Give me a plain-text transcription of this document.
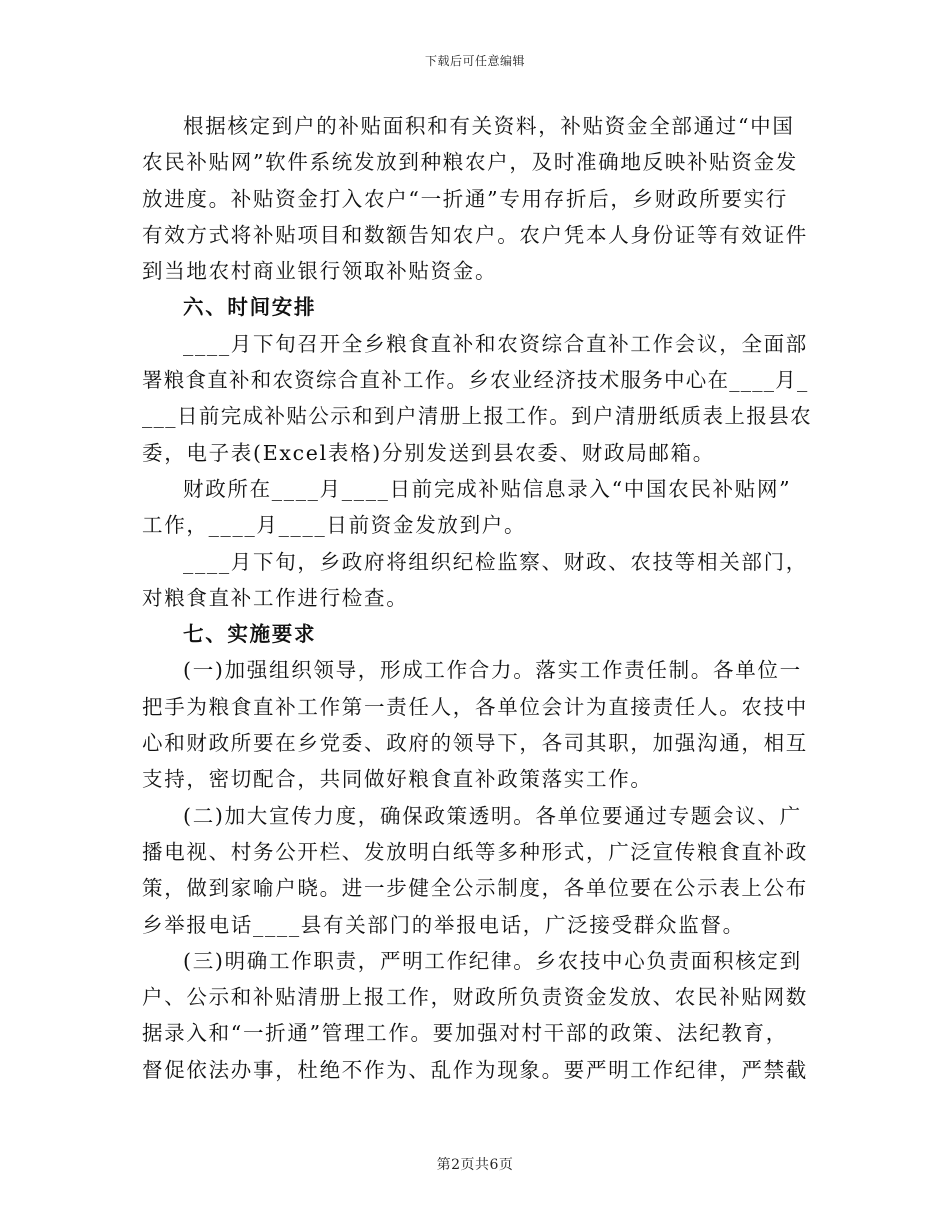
下载后可任意编辑
根据核定到户的补贴面积和有关资料，补贴资金全部通过“中国
农民补贴网”软件系统发放到种粮农户，及时准确地反映补贴资金发
放进度。补贴资金打入农户“一折通”专用存折后，乡财政所要实行
有效方式将补贴项目和数额告知农户。农户凭本人身份证等有效证件
到当地农村商业银行领取补贴资金。
六、时间安排
____月下旬召开全乡粮食直补和农资综合直补工作会议，全面部
署粮食直补和农资综合直补工作。乡农业经济技术服务中心在____月_
___日前完成补贴公示和到户清册上报工作。到户清册纸质表上报县农
委，电子表(Excel表格)分别发送到县农委、财政局邮箱。
财政所在____月____日前完成补贴信息录入“中国农民补贴网”
工作，____月____日前资金发放到户。
____月下旬，乡政府将组织纪检监察、财政、农技等相关部门，
对粮食直补工作进行检查。
七、实施要求
(一)加强组织领导，形成工作合力。落实工作责任制。各单位一
把手为粮食直补工作第一责任人，各单位会计为直接责任人。农技中
心和财政所要在乡党委、政府的领导下，各司其职，加强沟通，相互
支持，密切配合，共同做好粮食直补政策落实工作。
(二)加大宣传力度，确保政策透明。各单位要通过专题会议、广
播电视、村务公开栏、发放明白纸等多种形式，广泛宣传粮食直补政
策，做到家喻户晓。进一步健全公示制度，各单位要在公示表上公布
乡举报电话____县有关部门的举报电话，广泛接受群众监督。
(三)明确工作职责，严明工作纪律。乡农技中心负责面积核定到
户、公示和补贴清册上报工作，财政所负责资金发放、农民补贴网数
据录入和“一折通”管理工作。要加强对村干部的政策、法纪教育，
督促依法办事，杜绝不作为、乱作为现象。要严明工作纪律，严禁截
第2页共6页
